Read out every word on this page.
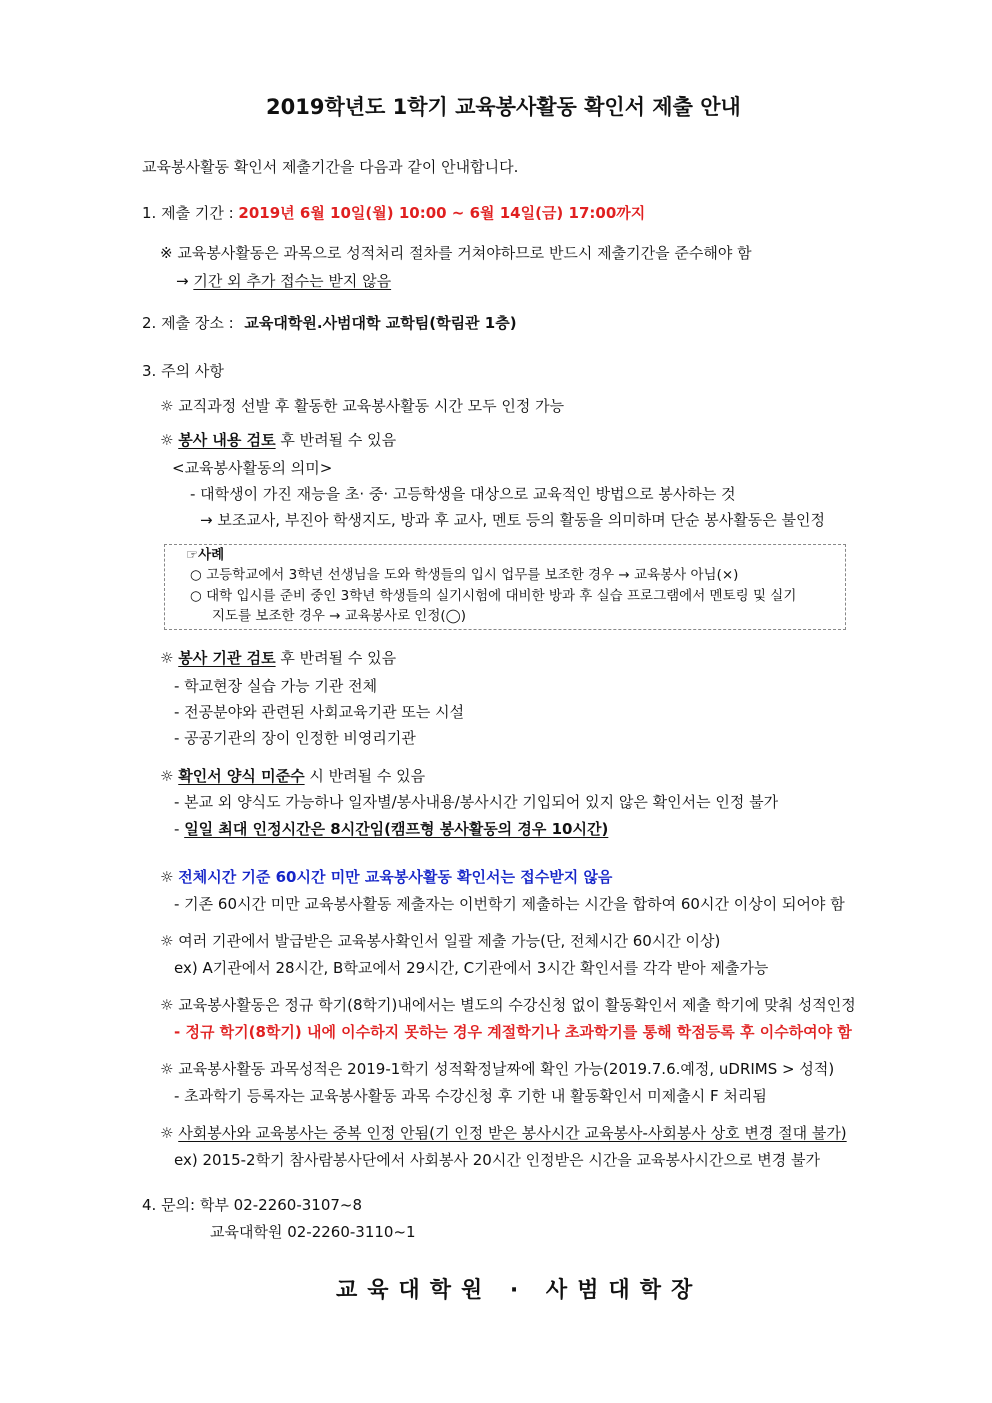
2019학년도 1학기 교육봉사활동 확인서 제출 안내
교육봉사활동 확인서 제출기간을 다음과 같이 안내합니다.
1. 제출 기간 : 2019년 6월 10일(월) 10:00 ~ 6월 14일(금) 17:00까지
※ 교육봉사활동은 과목으로 성적처리 절차를 거쳐야하므로 반드시 제출기간을 준수해야 함
→ 기간 외 추가 접수는 받지 않음
2. 제출 장소 : 교육대학원.사범대학 교학팀(학림관 1층)
3. 주의 사항
☼ 교직과정 선발 후 활동한 교육봉사활동 시간 모두 인정 가능
☼ 봉사 내용 검토 후 반려될 수 있음
<교육봉사활동의 의미>
- 대학생이 가진 재능을 초· 중· 고등학생을 대상으로 교육적인 방법으로 봉사하는 것
→ 보조교사, 부진아 학생지도, 방과 후 교사, 멘토 등의 활동을 의미하며 단순 봉사활동은 불인정
☞사례
○ 고등학교에서 3학년 선생님을 도와 학생들의 입시 업무를 보조한 경우 → 교육봉사 아님(×)
○ 대학 입시를 준비 중인 3학년 학생들의 실기시험에 대비한 방과 후 실습 프로그램에서 멘토링 및 실기
지도를 보조한 경우 → 교육봉사로 인정(◯)
☼ 봉사 기관 검토 후 반려될 수 있음
- 학교현장 실습 가능 기관 전체
- 전공분야와 관련된 사회교육기관 또는 시설
- 공공기관의 장이 인정한 비영리기관
☼ 확인서 양식 미준수 시 반려될 수 있음
- 본교 외 양식도 가능하나 일자별/봉사내용/봉사시간 기입되어 있지 않은 확인서는 인정 불가
- 일일 최대 인정시간은 8시간임(캠프형 봉사활동의 경우 10시간)
☼ 전체시간 기준 60시간 미만 교육봉사활동 확인서는 접수받지 않음
- 기존 60시간 미만 교육봉사활동 제출자는 이번학기 제출하는 시간을 합하여 60시간 이상이 되어야 함
☼ 여러 기관에서 발급받은 교육봉사확인서 일괄 제출 가능(단, 전체시간 60시간 이상)
ex) A기관에서 28시간, B학교에서 29시간, C기관에서 3시간 확인서를 각각 받아 제출가능
☼ 교육봉사활동은 정규 학기(8학기)내에서는 별도의 수강신청 없이 활동확인서 제출 학기에 맞춰 성적인정
- 정규 학기(8학기) 내에 이수하지 못하는 경우 계절학기나 초과학기를 통해 학점등록 후 이수하여야 함
☼ 교육봉사활동 과목성적은 2019-1학기 성적확정날짜에 확인 가능(2019.7.6.예정, uDRIMS > 성적)
- 초과학기 등록자는 교육봉사활동 과목 수강신청 후 기한 내 활동확인서 미제출시 F 처리됨
☼ 사회봉사와 교육봉사는 중복 인정 안됨(기 인정 받은 봉사시간 교육봉사-사회봉사 상호 변경 절대 불가)
ex) 2015-2학기 참사람봉사단에서 사회봉사 20시간 인정받은 시간을 교육봉사시간으로 변경 불가
4. 문의: 학부 02-2260-3107~8
교육대학원 02-2260-3110~1
교육대학원 · 사범대학장
